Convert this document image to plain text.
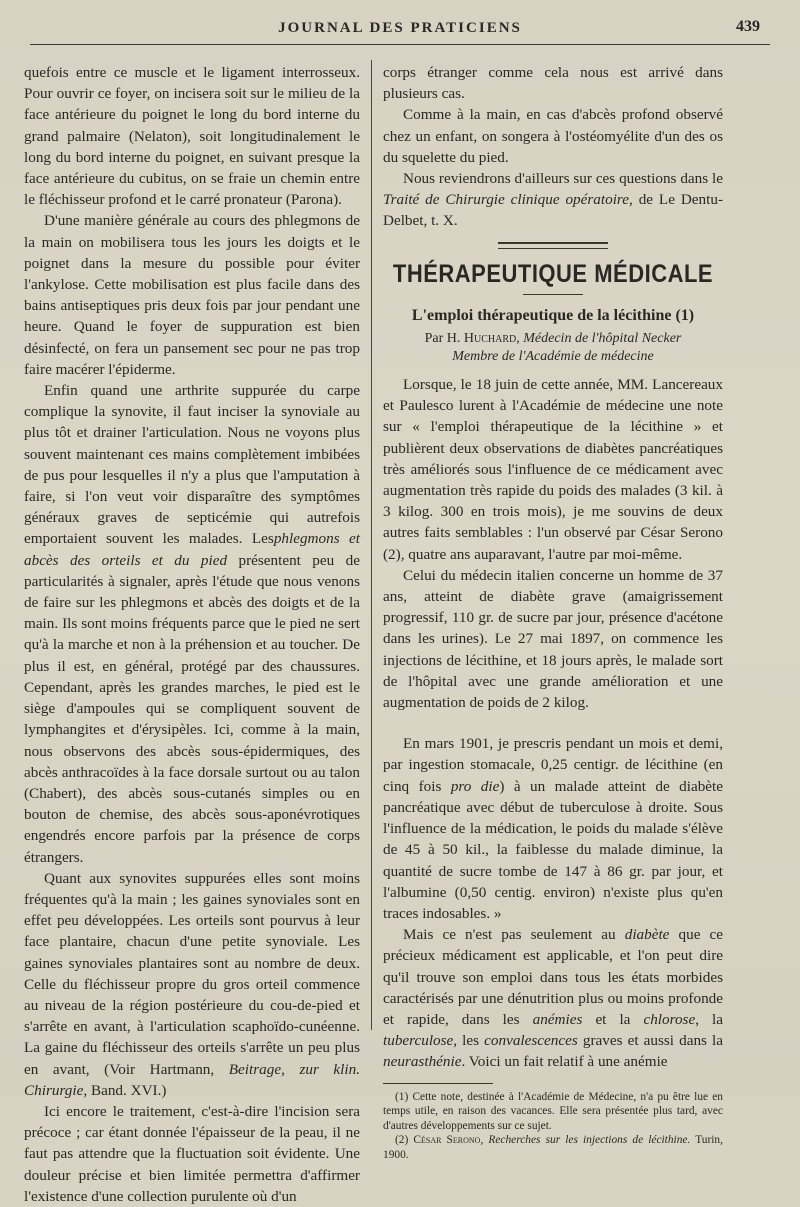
JOURNAL DES PRATICIENS	439

quefois entre ce muscle et le ligament interrosseux. Pour ouvrir ce foyer, on incisera soit sur le milieu de la face antérieure du poignet le long du bord interne du grand palmaire (Nelaton), soit longitudinalement le long du bord interne du poignet, en suivant presque la face antérieure du cubitus, on se fraie un chemin entre le fléchisseur profond et le carré pronateur (Parona).

D'une manière générale au cours des phlegmons de la main on mobilisera tous les jours les doigts et le poignet dans la mesure du possible pour éviter l'ankylose. Cette mobilisation est plus facile dans des bains antiseptiques pris deux fois par jour pendant une heure. Quand le foyer de suppuration est bien désinfecté, on fera un pansement sec pour ne pas trop faire macérer l'épiderme.

Enfin quand une arthrite suppurée du carpe complique la synovite, il faut inciser la synoviale au plus tôt et drainer l'articulation. Nous ne voyons plus souvent maintenant ces mains complètement imbibées de pus pour lesquelles il n'y a plus que l'amputation à faire, si l'on veut voir disparaître des symptômes généraux graves de septicémie qui autrefois emportaient souvent les malades. Lesphlegmons et abcès des orteils et du pied présentent peu de particularités à signaler, après l'étude que nous venons de faire sur les phlegmons et abcès des doigts et de la main. Ils sont moins fréquents parce que le pied ne sert qu'à la marche et non à la préhension et au toucher. De plus il est, en général, protégé par des chaussures. Cependant, après les grandes marches, le pied est le siège d'ampoules qui se compliquent souvent de lymphangites et d'érysipèles. Ici, comme à la main, nous observons des abcès sous-épidermiques, des abcès anthracoïdes à la face dorsale surtout ou au talon (Chabert), des abcès sous-cutanés simples ou en bouton de chemise, des abcès sous-aponévrotiques engendrés encore parfois par la présence de corps étrangers.

Quant aux synovites suppurées elles sont moins fréquentes qu'à la main ; les gaines synoviales sont en effet peu développées. Les orteils sont pourvus à leur face plantaire, chacun d'une petite synoviale. Les gaines synoviales plantaires sont au nombre de deux. Celle du fléchisseur propre du gros orteil commence au niveau de la région postérieure du cou-de-pied et s'arrête en avant, à l'articulation scaphoïdo-cunéenne. La gaine du fléchisseur des orteils s'arrête un peu plus en avant, (Voir Hartmann, Beitrage, zur klin. Chirurgie, Band. XVI.)

Ici encore le traitement, c'est-à-dire l'incision sera précoce ; car étant donnée l'épaisseur de la peau, il ne faut pas attendre que la fluctuation soit évidente. Une douleur précise et bien limitée permettra d'affirmer l'existence d'une collection purulente où d'un

corps étranger comme cela nous est arrivé dans plusieurs cas.

Comme à la main, en cas d'abcès profond observé chez un enfant, on songera à l'ostéomyélite d'un des os du squelette du pied.

Nous reviendrons d'ailleurs sur ces questions dans le Traité de Chirurgie clinique opératoire, de Le Dentu-Delbet, t. X.

THÉRAPEUTIQUE MÉDICALE
L'emploi thérapeutique de la lécithine (1)
Par H. Huchard, Médecin de l'hôpital Necker
Membre de l'Académie de médecine

Lorsque, le 18 juin de cette année, MM. Lancereaux et Paulesco lurent à l'Académie de médecine une note sur « l'emploi thérapeutique de la lécithine » et publièrent deux observations de diabètes pancréatiques très améliorés sous l'influence de ce médicament avec augmentation très rapide du poids des malades (3 kil. à 3 kilog. 300 en trois mois), je me souvins de deux autres faits semblables : l'un observé par César Serono (2), quatre ans auparavant, l'autre par moi-même.

Celui du médecin italien concerne un homme de 37 ans, atteint de diabète grave (amaigrissement progressif, 110 gr. de sucre par jour, présence d'acétone dans les urines). Le 27 mai 1897, on commence les injections de lécithine, et 18 jours après, le malade sort de l'hôpital avec une grande amélioration et une augmentation de poids de 2 kilog.

En mars 1901, je prescris pendant un mois et demi, par ingestion stomacale, 0,25 centigr. de lécithine (en cinq fois pro die) à un malade atteint de diabète pancréatique avec début de tuberculose à droite. Sous l'influence de la médication, le poids du malade s'élève de 45 à 50 kil., la faiblesse du malade diminue, la quantité de sucre tombe de 147 à 86 gr. par jour, et l'albumine (0,50 centig. environ) n'existe plus qu'en traces indosables. »

Mais ce n'est pas seulement au diabète que ce précieux médicament est applicable, et l'on peut dire qu'il trouve son emploi dans tous les états morbides caractérisés par une dénutrition plus ou moins profonde et rapide, dans les anémies et la chlorose, la tuberculose, les convalescences graves et aussi dans la neurasthénie. Voici un fait relatif à une anémie

(1) Cette note, destinée à l'Académie de Médecine, n'a pu être lue en temps utile, en raison des vacances. Elle sera présentée plus tard, avec d'autres développements sur ce sujet.

(2) César Serono, Recherches sur les injections de lécithine. Turin, 1900.
